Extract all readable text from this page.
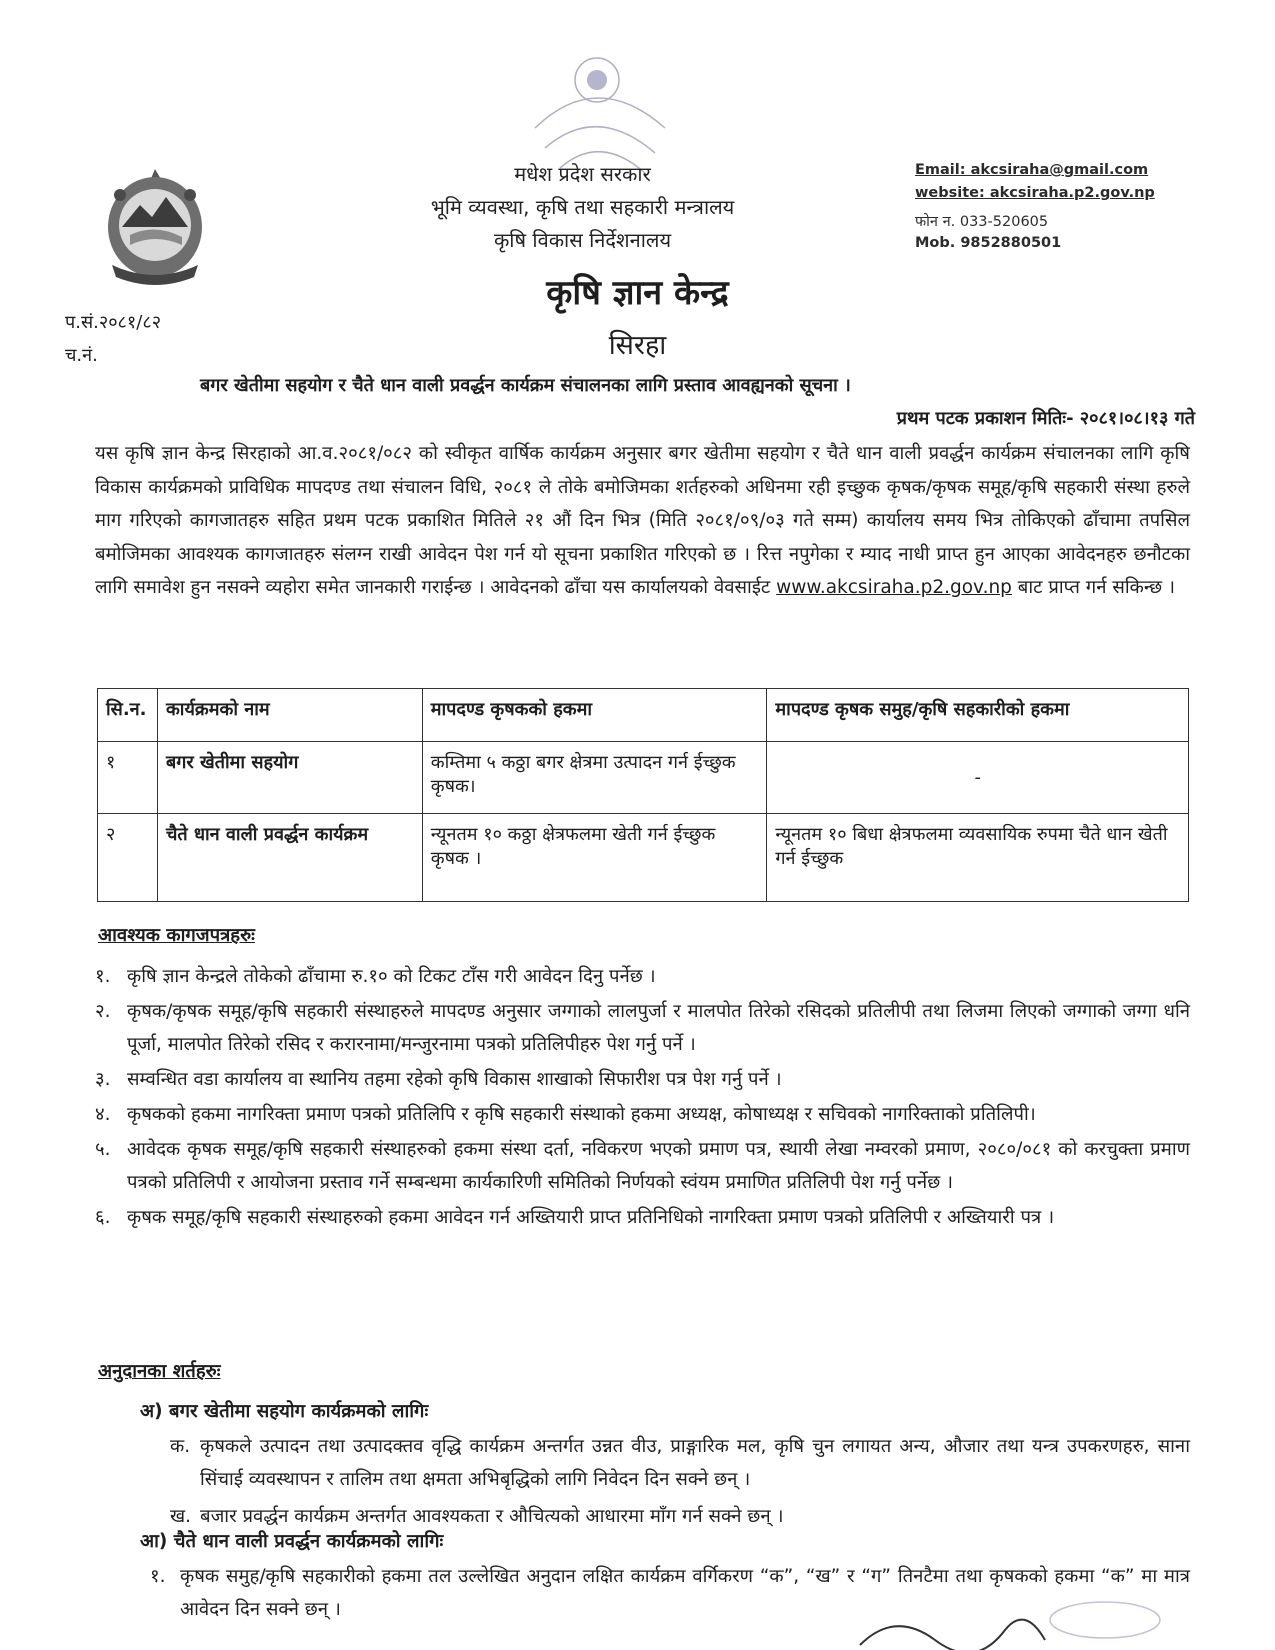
मधेश प्रदेश सरकार
भूमि व्यवस्था, कृषि तथा सहकारी मन्त्रालय
कृषि विकास निर्देशनालय
कृषि ज्ञान केन्द्र
सिरहा
Email: akcsiraha@gmail.com
website: akcsiraha.p2.gov.np
फोन न. 033-520605
Mob. 9852880501
प.सं.२०८१/८२
च.नं.
बगर खेतीमा सहयोग र चैते धान वाली प्रवर्द्धन कार्यक्रम संचालनका लागि प्रस्ताव आवह्यनको सूचना ।
प्रथम पटक प्रकाशन मितिः- २०८१।०८।१३ गते
यस कृषि ज्ञान केन्द्र सिरहाको आ.व.२०८१/०८२ को स्वीकृत वार्षिक कार्यक्रम अनुसार बगर खेतीमा सहयोग र चैते धान वाली प्रवर्द्धन कार्यक्रम संचालनका लागि कृषि विकास कार्यक्रमको प्राविधिक मापदण्ड तथा संचालन विधि, २०८१ ले तोके बमोजिमका शर्तहरुको अधिनमा रही इच्छुक कृषक/कृषक समूह/कृषि सहकारी संस्था हरुले माग गरिएको कागजातहरु सहित प्रथम पटक प्रकाशित मितिले २१ औं दिन भित्र (मिति २०८१/०९/०३ गते सम्म) कार्यालय समय भित्र तोकिएको ढाँचामा तपसिल बमोजिमका आवश्यक कागजातहरु संलग्न राखी आवेदन पेश गर्न यो सूचना प्रकाशित गरिएको छ । रित्त नपुगेका र म्याद नाधी प्राप्त हुन आएका आवेदनहरु छनौटका लागि समावेश हुन नसक्ने व्यहोरा समेत जानकारी गराईन्छ । आवेदनको ढाँचा यस कार्यालयको वेवसाईट www.akcsiraha.p2.gov.np बाट प्राप्त गर्न सकिन्छ ।
सि.न.	कार्यक्रमको नाम	मापदण्ड कृषकको हकमा	मापदण्ड कृषक समुह/कृषि सहकारीको हकमा
१	बगर खेतीमा सहयोग	कम्तिमा ५ कठ्ठा बगर क्षेत्रमा उत्पादन गर्न ईच्छुक कृषक।	-
२	चैते धान वाली प्रवर्द्धन कार्यक्रम	न्यूनतम १० कठ्ठा क्षेत्रफलमा खेती गर्न ईच्छुक कृषक ।	न्यूनतम १० बिधा क्षेत्रफलमा व्यवसायिक रुपमा चैते धान खेती गर्न ईच्छुक
आवश्यक कागजपत्रहरुः
१. कृषि ज्ञान केन्द्रले तोकेको ढाँचामा रु.१० को टिकट टाँस गरी आवेदन दिनु पर्नेछ ।
२. कृषक/कृषक समूह/कृषि सहकारी संस्थाहरुले मापदण्ड अनुसार जग्गाको लालपुर्जा र मालपोत तिरेको रसिदको प्रतिलीपी तथा लिजमा लिएको जग्गाको जग्गा धनि पूर्जा, मालपोत तिरेको रसिद र करारनामा/मन्जुरनामा पत्रको प्रतिलिपीहरु पेश गर्नु पर्ने ।
३. सम्वन्धित वडा कार्यालय वा स्थानिय तहमा रहेको कृषि विकास शाखाको सिफारीश पत्र पेश गर्नु पर्ने ।
४. कृषकको हकमा नागरिक्ता प्रमाण पत्रको प्रतिलिपि र कृषि सहकारी संस्थाको हकमा अध्यक्ष, कोषाध्यक्ष र सचिवको नागरिक्ताको प्रतिलिपी।
५. आवेदक कृषक समूह/कृषि सहकारी संस्थाहरुको हकमा संस्था दर्ता, नविकरण भएको प्रमाण पत्र, स्थायी लेखा नम्वरको प्रमाण, २०८०/०८१ को करचुक्ता प्रमाण पत्रको प्रतिलिपी र आयोजना प्रस्ताव गर्ने सम्बन्धमा कार्यकारिणी समितिको निर्णयको स्वंयम प्रमाणित प्रतिलिपी पेश गर्नु पर्नेछ ।
६. कृषक समूह/कृषि सहकारी संस्थाहरुको हकमा आवेदन गर्न अख्तियारी प्राप्त प्रतिनिधिको नागरिक्ता प्रमाण पत्रको प्रतिलिपी र अख्तियारी पत्र ।
अनुदानका शर्तहरुः
अ) बगर खेतीमा सहयोग कार्यक्रमको लागिः
क. कृषकले उत्पादन तथा उत्पादक्तव वृद्धि कार्यक्रम अन्तर्गत उन्नत वीउ, प्राङ्गारिक मल, कृषि चुन लगायत अन्य, औजार तथा यन्त्र उपकरणहरु, साना सिंचाई व्यवस्थापन र तालिम तथा क्षमता अभिबृद्धिको लागि निवेदन दिन सक्ने छन् ।
ख. बजार प्रवर्द्धन कार्यक्रम अन्तर्गत आवश्यकता र औचित्यको आधारमा माँग गर्न सक्ने छन् ।
आ) चैते धान वाली प्रवर्द्धन कार्यक्रमको लागिः
१. कृषक समुह/कृषि सहकारीको हकमा तल उल्लेखित अनुदान लक्षित कार्यक्रम वर्गिकरण “क”, “ख” र “ग” तिनटैमा तथा कृषकको हकमा “क” मा मात्र आवेदन दिन सक्ने छन् ।
